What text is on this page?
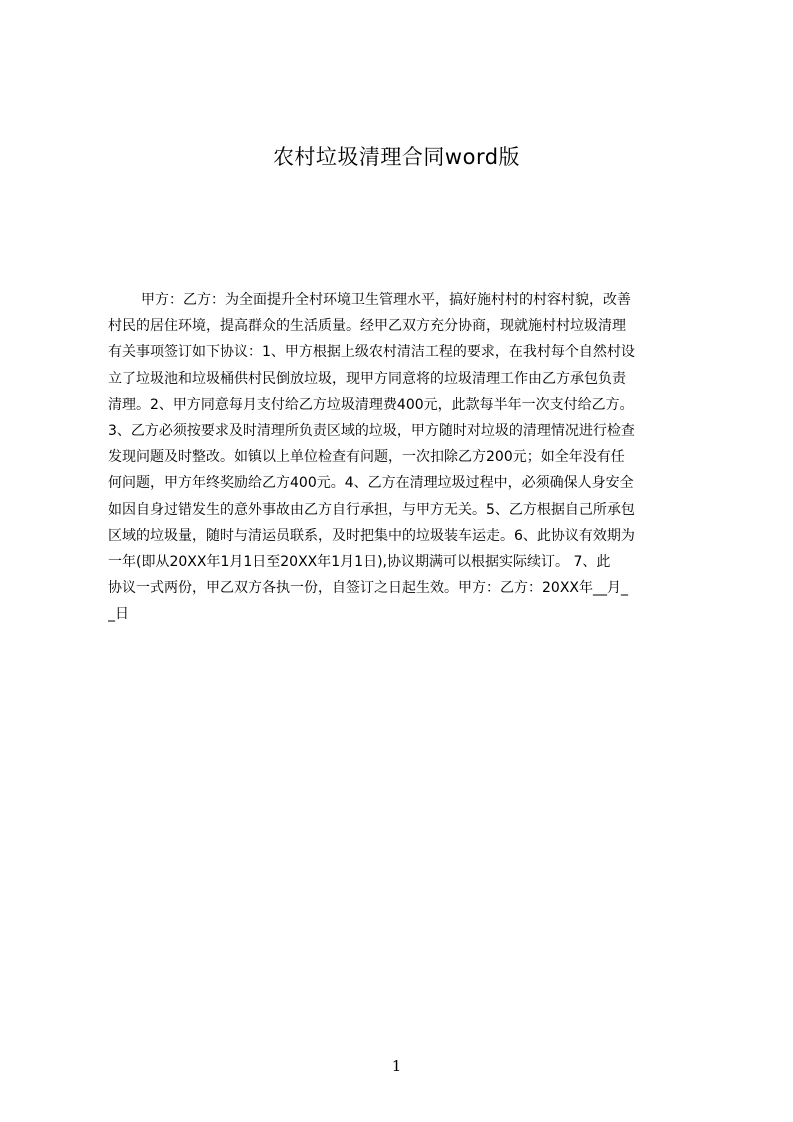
农村垃圾清理合同word版
甲方：乙方：为全面提升全村环境卫生管理水平，搞好施村村的村容村貌，改善
村民的居住环境，提高群众的生活质量。经甲乙双方充分协商，现就施村村垃圾清理
有关事项签订如下协议：1、甲方根据上级农村清洁工程的要求，在我村每个自然村设
立了垃圾池和垃圾桶供村民倒放垃圾，现甲方同意将的垃圾清理工作由乙方承包负责
清理。2、甲方同意每月支付给乙方垃圾清理费400元，此款每半年一次支付给乙方。
3、乙方必须按要求及时清理所负责区域的垃圾，甲方随时对垃圾的清理情况进行检查
发现问题及时整改。如镇以上单位检查有问题，一次扣除乙方200元；如全年没有任
何问题，甲方年终奖励给乙方400元。4、乙方在清理垃圾过程中，必须确保人身安全
如因自身过错发生的意外事故由乙方自行承担，与甲方无关。5、乙方根据自己所承包
区域的垃圾量，随时与清运员联系，及时把集中的垃圾装车运走。6、此协议有效期为
一年(即从20XX年1月1日至20XX年1月1日),协议期满可以根据实际续订。 7、此
协议一式两份，甲乙双方各执一份，自签订之日起生效。甲方：乙方：20XX年__月_
_日
1
